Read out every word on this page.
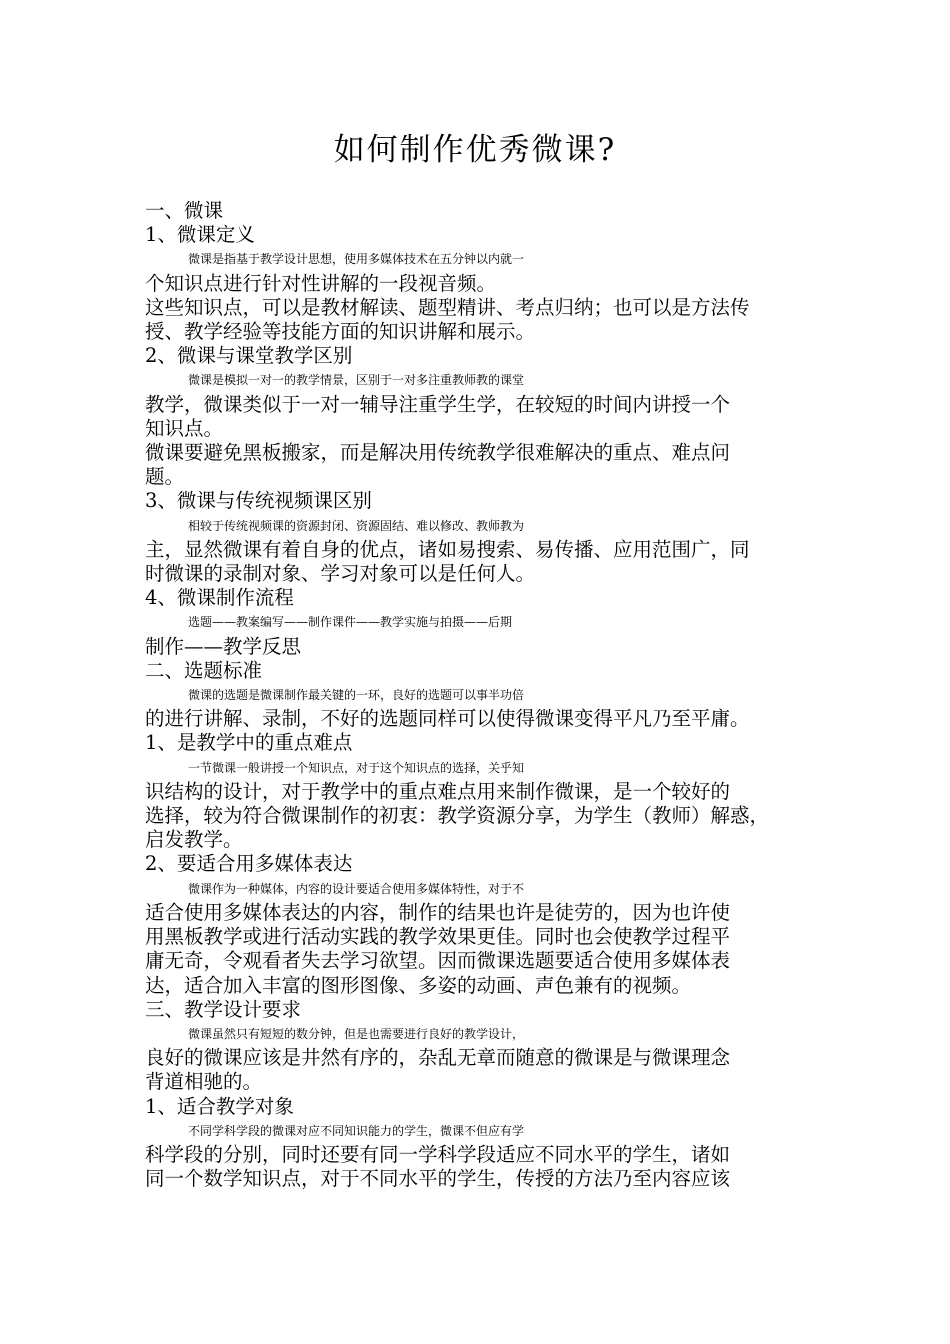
如何制作优秀微课?

一、微课

1、微课定义

微课是指基于教学设计思想，使用多媒体技术在五分钟以内就一

个知识点进行针对性讲解的一段视音频。

这些知识点，可以是教材解读、题型精讲、考点归纳；也可以是方法传

授、教学经验等技能方面的知识讲解和展示。

2、微课与课堂教学区别

微课是模拟一对一的教学情景，区别于一对多注重教师教的课堂

教学，微课类似于一对一辅导注重学生学，在较短的时间内讲授一个

知识点。

微课要避免黑板搬家，而是解决用传统教学很难解决的重点、难点问

题。

3、微课与传统视频课区别

相较于传统视频课的资源封闭、资源固结、难以修改、教师教为

主，显然微课有着自身的优点，诸如易搜索、易传播、应用范围广，同

时微课的录制对象、学习对象可以是任何人。

4、微课制作流程

选题——教案编写——制作课件——教学实施与拍摄——后期

制作——教学反思

二、选题标准

微课的选题是微课制作最关键的一环，良好的选题可以事半功倍

的进行讲解、录制，不好的选题同样可以使得微课变得平凡乃至平庸。

1、是教学中的重点难点

一节微课一般讲授一个知识点，对于这个知识点的选择，关乎知

识结构的设计，对于教学中的重点难点用来制作微课，是一个较好的

选择，较为符合微课制作的初衷：教学资源分享，为学生（教师）解惑，

启发教学。

2、要适合用多媒体表达

微课作为一种媒体，内容的设计要适合使用多媒体特性，对于不

适合使用多媒体表达的内容，制作的结果也许是徒劳的，因为也许使

用黑板教学或进行活动实践的教学效果更佳。同时也会使教学过程平

庸无奇，令观看者失去学习欲望。因而微课选题要适合使用多媒体表

达，适合加入丰富的图形图像、多姿的动画、声色兼有的视频。

三、教学设计要求

微课虽然只有短短的数分钟，但是也需要进行良好的教学设计，

良好的微课应该是井然有序的，杂乱无章而随意的微课是与微课理念

背道相驰的。

1、适合教学对象

不同学科学段的微课对应不同知识能力的学生，微课不但应有学

科学段的分别，同时还要有同一学科学段适应不同水平的学生，诸如

同一个数学知识点，对于不同水平的学生，传授的方法乃至内容应该
